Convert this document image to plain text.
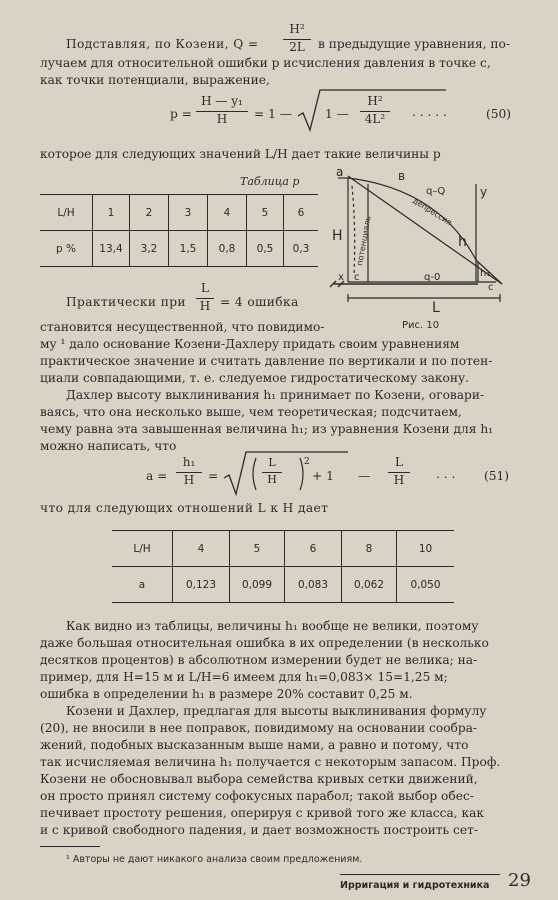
Подставляя, по Козени, Q =
H²
2L	в предыдущие уравнения, по-
лучаем для относительной ошибки p исчисления давления в точке с,
как точки потенциали, выражение,
p =
H — y₁
H	= 1 —	1 —
H²
4L²	. . . . .	(50)
которое для следующих значений L/H дает такие величины p
Таблица p
L/H	1	2	3	4	5	6
p %	13,4	3,2	1,5	0,8	0,5	0,3
a	в
q–Q
H
y
h
h₁
x c
c
q-0
L
потенциаль
депрессия
Рис. 10
Практически при
L
H = 4 ошибка
становится несущественной, что повидимо-
му ¹ дало основание Козени-Дахлеру придать своим уравнениям
практическое значение и считать давление по вертикали и по потен-
циали совпадающими, т. е. следуемое гидростатическому закону.
Дахлер высоту выклинивания h₁ принимает по Козени, оговари-
ваясь, что она несколько выше, чем теоретическая; подсчитаем,
чему равна эта завышенная величина h₁; из уравнения Козени для h₁
можно написать, что
a =
h₁
H	=
L
H
2
+ 1 —
L
H	. . . (51)
что для следующих отношений L к H дает
L/H	4	5	6	8	10
a	0,123	0,099	0,083	0,062	0,050
Как видно из таблицы, величины h₁ вообще не велики, поэтому
даже большая относительная ошибка в их определении (в несколько
десятков процентов) в абсолютном измерении будет не велика; на-
пример, для H=15 м и L/H=6 имеем для h₁=0,083× 15=1,25 м;
ошибка в определении h₁ в размере 20% составит 0,25 м.
Козени и Дахлер, предлагая для высоты выклинивания формулу
(20), не вносили в нее поправок, повидимому на основании сообра-
жений, подобных высказанным выше нами, а равно и потому, что
так исчисляемая величина h₁ получается с некоторым запасом. Проф.
Козени не обосновывал выбора семейства кривых сетки движений,
он просто принял систему софокусных парабол; такой выбор обес-
печивает простоту решения, оперируя с кривой того же класса, как
и с кривой свободного падения, и дает возможность построить сет-
¹ Авторы не дают никакого анализа своим предложениям.
Ирригация и гидротехника 29
